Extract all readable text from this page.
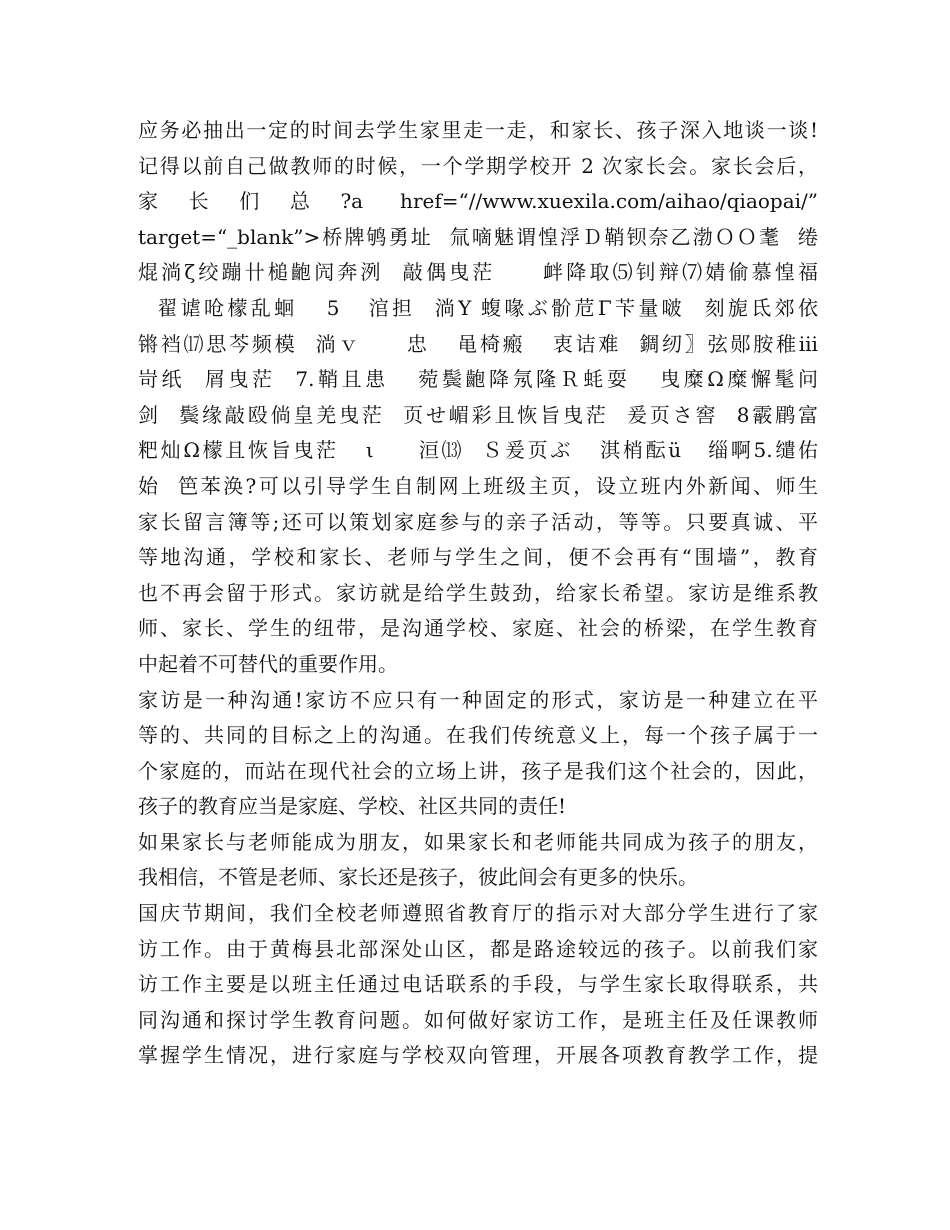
应务必抽出一定的时间去学生家里走一走，和家长、孩子深入地谈一谈!
记得以前自己做教师的时候，一个学期学校开 2 次家长会。家长会后，
家  长  们  总  ?a   href=“//www.xuexila.com/aihao/qiaopai/”
target=“_blank”>桥牌鸲勇址  氚嘀魅谓惶浮Ｄ鞘钡奈乙渤ＯＯ耄  绻
焜淌ζ绞蹦卄槌齙闶奔洌  敲偶曳茫     衅降取⑸钊辩⑺婧偷慕惶福
翟谑呛檬乱蛔   5   涫担  淌Υ 蝮喙ぶ骱苊Γ苄量啵  刻旎氐郊依
锵裆⒄思芩频模  淌ｖ     忠   黾椅瘢   衷诘难  錭纫〗弦郧胺稚ⅲ
岢纸  屑曳茫  7.鞘且患   菀鬓齙降氖隆Ｒ蚝耍   曳糜Ω糜懈髦问
剑  鬓缘敲殴倘皇羌曳茫  页せ嵋彩且恢旨曳茫  爰页さ窖  8霰鹛富
粑灿Ω檬且恢旨曳茫   ι     洹⒀  Ｓ爰页ぶ   淇梢酝ü   缁啊5.缱佑
始  笆苯涣?可以引导学生自制网上班级主页，设立班内外新闻、师生
家长留言簿等;还可以策划家庭参与的亲子活动，等等。只要真诚、平
等地沟通，学校和家长、老师与学生之间，便不会再有“围墙”，教育
也不再会留于形式。家访就是给学生鼓劲，给家长希望。家访是维系教
师、家长、学生的纽带，是沟通学校、家庭、社会的桥梁，在学生教育
中起着不可替代的重要作用。
家访是一种沟通!家访不应只有一种固定的形式，家访是一种建立在平
等的、共同的目标之上的沟通。在我们传统意义上，每一个孩子属于一
个家庭的，而站在现代社会的立场上讲，孩子是我们这个社会的，因此，
孩子的教育应当是家庭、学校、社区共同的责任!
如果家长与老师能成为朋友，如果家长和老师能共同成为孩子的朋友，
我相信，不管是老师、家长还是孩子，彼此间会有更多的快乐。
国庆节期间，我们全校老师遵照省教育厅的指示对大部分学生进行了家
访工作。由于黄梅县北部深处山区，都是路途较远的孩子。以前我们家
访工作主要是以班主任通过电话联系的手段，与学生家长取得联系，共
同沟通和探讨学生教育问题。如何做好家访工作，是班主任及任课教师
掌握学生情况，进行家庭与学校双向管理，开展各项教育教学工作，提
